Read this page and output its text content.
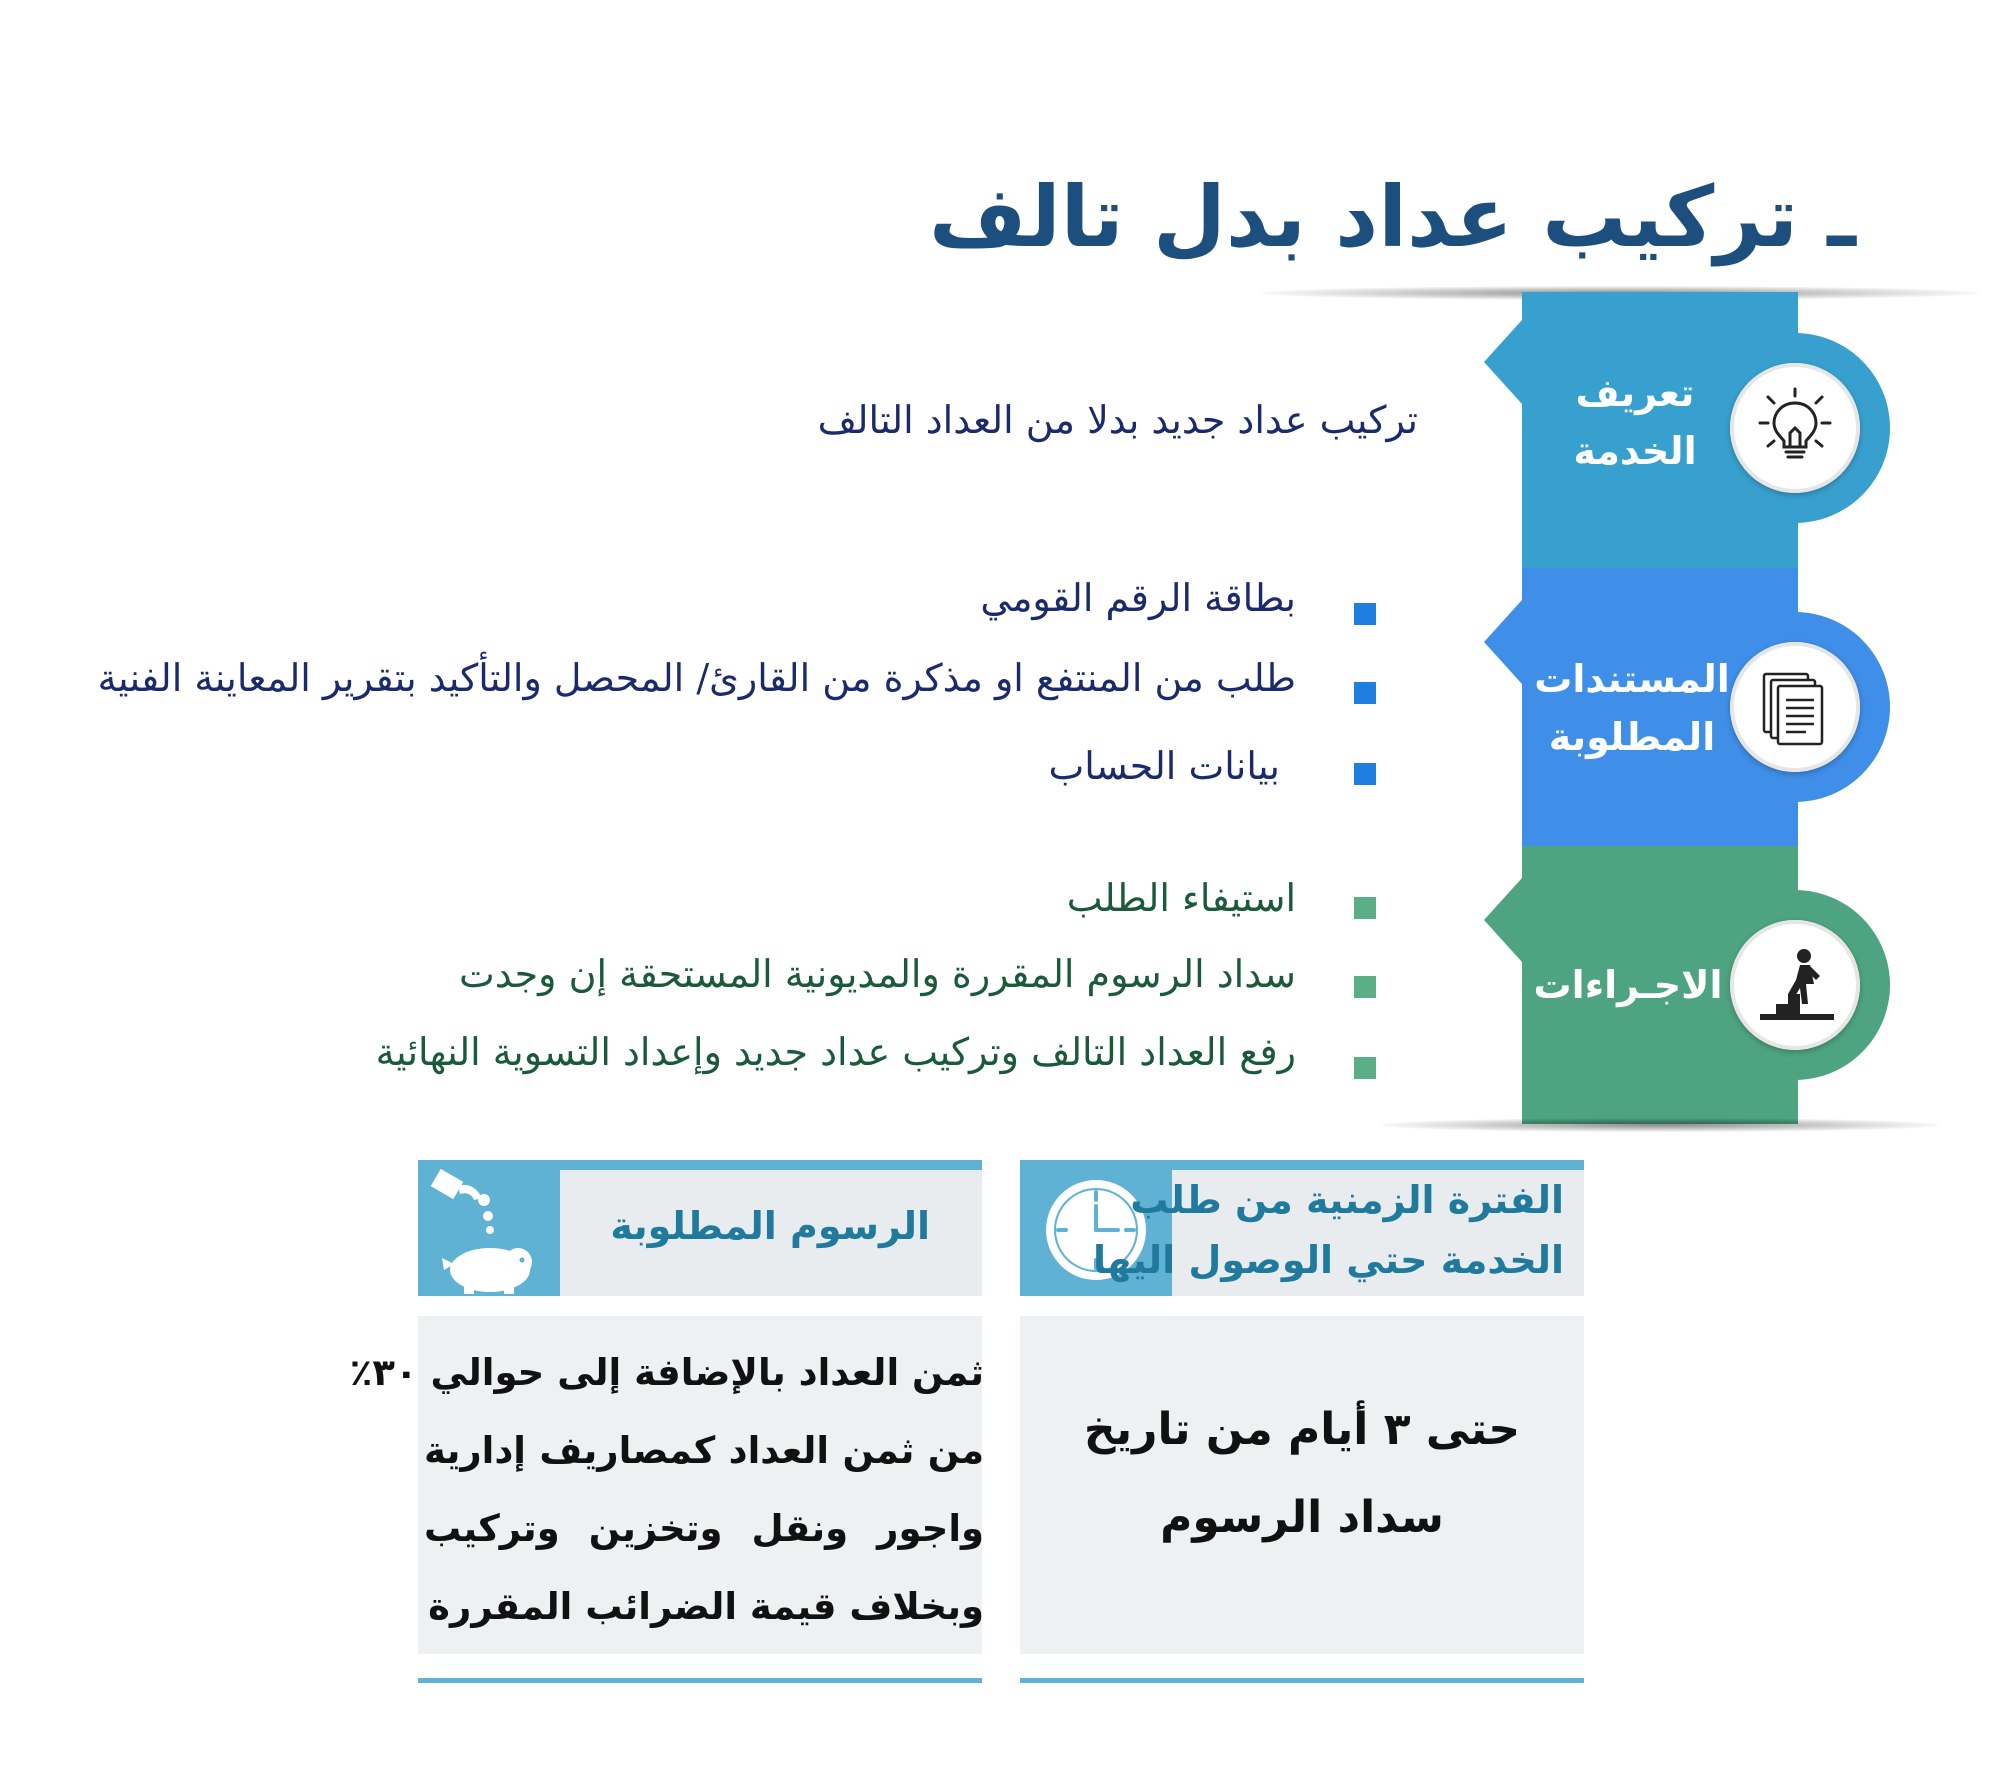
ـ تركيب عداد بدل تالف
تعريف
الخدمة
تركيب عداد جديد بدلا من العداد التالف
المستندات
المطلوبة
بطاقة الرقم القومي
طلب من المنتفع او مذكرة من القارئ/ المحصل والتأكيد بتقرير المعاينة الفنية
بيانات الحساب
الاجـراءات
استيفاء الطلب
سداد الرسوم المقررة والمديونية المستحقة إن وجدت
رفع العداد التالف وتركيب عداد جديد وإعداد التسوية النهائية
الرسوم المطلوبة
ثمن العداد بالإضافة إلى حوالي ٣٠٪
من ثمن العداد كمصاريف إدارية
واجور ونقل وتخزين وتركيب
وبخلاف قيمة الضرائب المقررة
الفترة الزمنية من طلب
الخدمة حتي الوصول اليها
حتى ٣ أيام من تاريخ
سداد الرسوم
